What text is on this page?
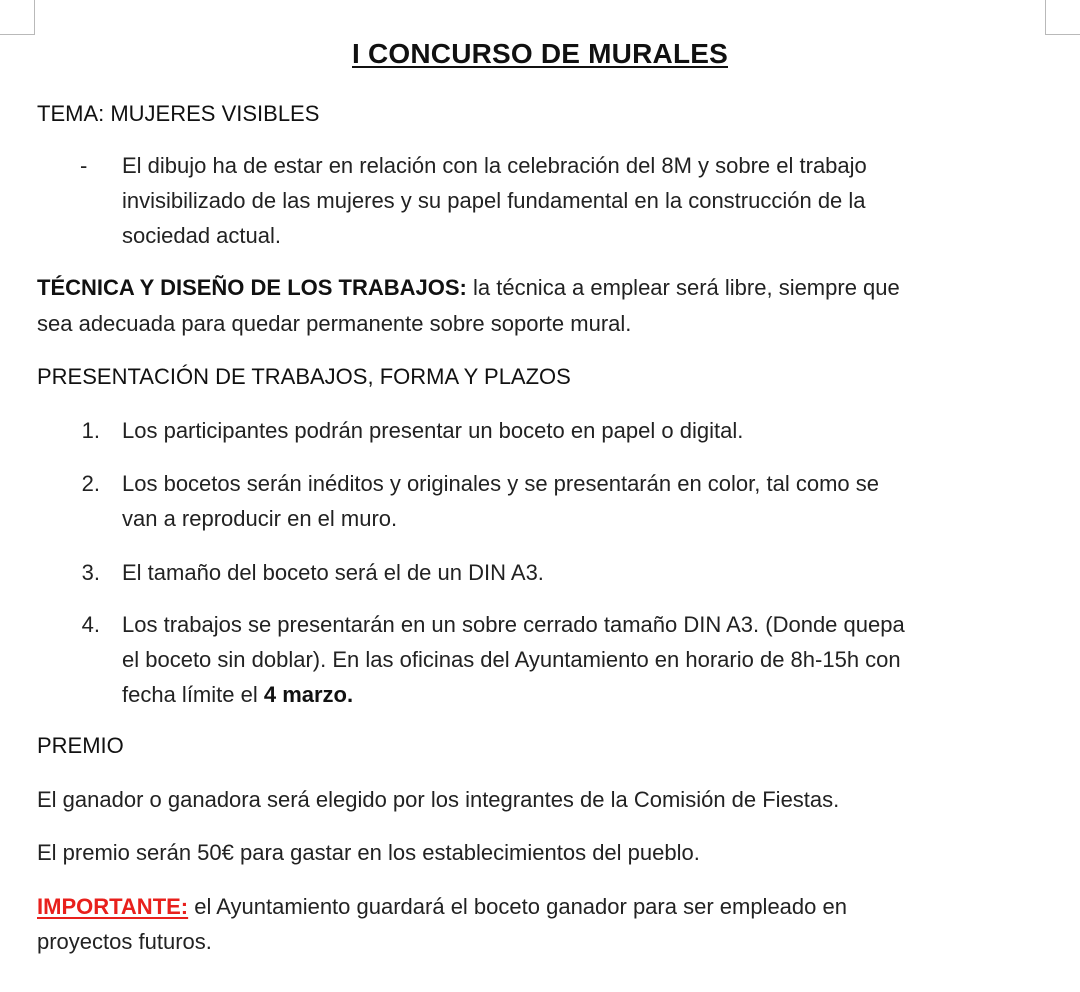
I CONCURSO DE MURALES
TEMA: MUJERES VISIBLES
- El dibujo ha de estar en relación con la celebración del 8M y sobre el trabajo
invisibilizado de las mujeres y su papel fundamental en la construcción de la
sociedad actual.
TÉCNICA Y DISEÑO DE LOS TRABAJOS: la técnica a emplear será libre, siempre que
sea adecuada para quedar permanente sobre soporte mural.
PRESENTACIÓN DE TRABAJOS, FORMA Y PLAZOS
1. Los participantes podrán presentar un boceto en papel o digital.
2. Los bocetos serán inéditos y originales y se presentarán en color, tal como se
van a reproducir en el muro.
3. El tamaño del boceto será el de un DIN A3.
4. Los trabajos se presentarán en un sobre cerrado tamaño DIN A3. (Donde quepa
el boceto sin doblar). En las oficinas del Ayuntamiento en horario de 8h-15h con
fecha límite el 4 marzo.
PREMIO
El ganador o ganadora será elegido por los integrantes de la Comisión de Fiestas.
El premio serán 50€ para gastar en los establecimientos del pueblo.
IMPORTANTE: el Ayuntamiento guardará el boceto ganador para ser empleado en
proyectos futuros.
